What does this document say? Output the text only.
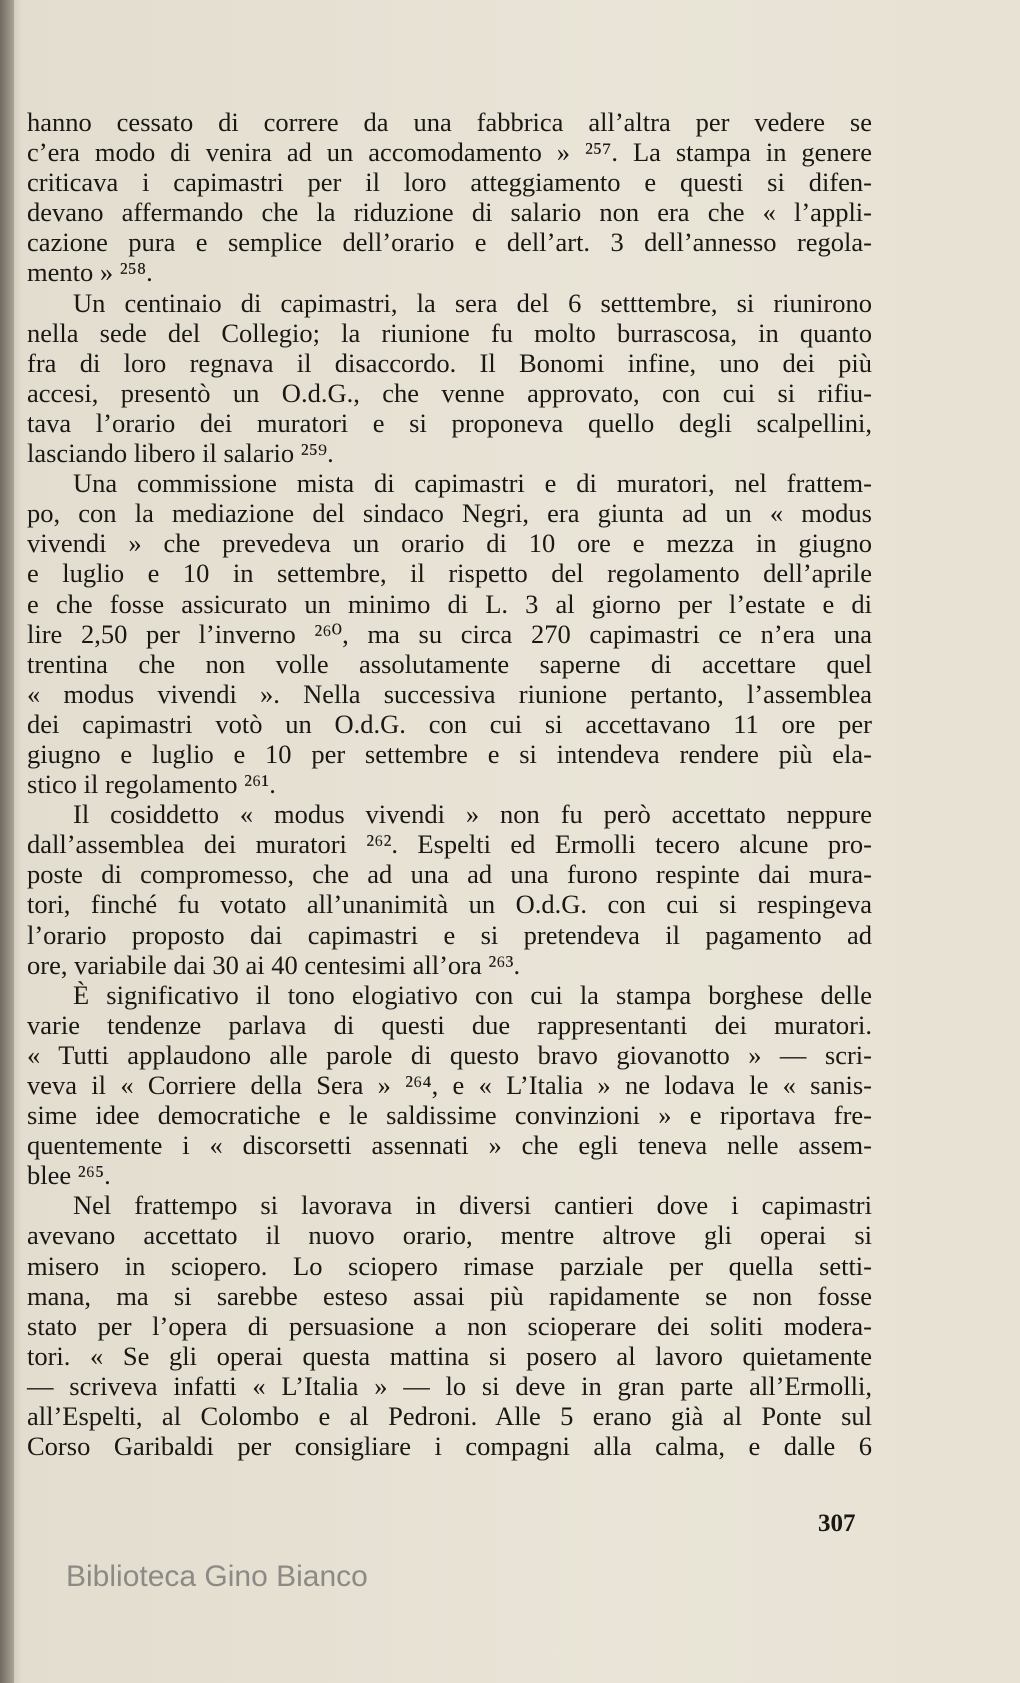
hanno cessato di correre da una fabbrica all’altra per vedere se
c’era modo di venira ad un accomodamento » ²⁵⁷. La stampa in genere
criticava i capimastri per il loro atteggiamento e questi si difen-
devano affermando che la riduzione di salario non era che « l’appli-
cazione pura e semplice dell’orario e dell’art. 3 dell’annesso regola-
mento » ²⁵⁸.
Un centinaio di capimastri, la sera del 6 setttembre, si riunirono
nella sede del Collegio; la riunione fu molto burrascosa, in quanto
fra di loro regnava il disaccordo. Il Bonomi infine, uno dei più
accesi, presentò un O.d.G., che venne approvato, con cui si rifiu-
tava l’orario dei muratori e si proponeva quello degli scalpellini,
lasciando libero il salario ²⁵⁹.
Una commissione mista di capimastri e di muratori, nel frattem-
po, con la mediazione del sindaco Negri, era giunta ad un « modus
vivendi » che prevedeva un orario di 10 ore e mezza in giugno
e luglio e 10 in settembre, il rispetto del regolamento dell’aprile
e che fosse assicurato un minimo di L. 3 al giorno per l’estate e di
lire 2,50 per l’inverno ²⁶⁰, ma su circa 270 capimastri ce n’era una
trentina che non volle assolutamente saperne di accettare quel
« modus vivendi ». Nella successiva riunione pertanto, l’assemblea
dei capimastri votò un O.d.G. con cui si accettavano 11 ore per
giugno e luglio e 10 per settembre e si intendeva rendere più ela-
stico il regolamento ²⁶¹.
Il cosiddetto « modus vivendi » non fu però accettato neppure
dall’assemblea dei muratori ²⁶². Espelti ed Ermolli tecero alcune pro-
poste di compromesso, che ad una ad una furono respinte dai mura-
tori, finché fu votato all’unanimità un O.d.G. con cui si respingeva
l’orario proposto dai capimastri e si pretendeva il pagamento ad
ore, variabile dai 30 ai 40 centesimi all’ora ²⁶³.
È significativo il tono elogiativo con cui la stampa borghese delle
varie tendenze parlava di questi due rappresentanti dei muratori.
« Tutti applaudono alle parole di questo bravo giovanotto » — scri-
veva il « Corriere della Sera » ²⁶⁴, e « L’Italia » ne lodava le « sanis-
sime idee democratiche e le saldissime convinzioni » e riportava fre-
quentemente i « discorsetti assennati » che egli teneva nelle assem-
blee ²⁶⁵.
Nel frattempo si lavorava in diversi cantieri dove i capimastri
avevano accettato il nuovo orario, mentre altrove gli operai si
misero in sciopero. Lo sciopero rimase parziale per quella setti-
mana, ma si sarebbe esteso assai più rapidamente se non fosse
stato per l’opera di persuasione a non scioperare dei soliti modera-
tori. « Se gli operai questa mattina si posero al lavoro quietamente
— scriveva infatti « L’Italia » — lo si deve in gran parte all’Ermolli,
all’Espelti, al Colombo e al Pedroni. Alle 5 erano già al Ponte sul
Corso Garibaldi per consigliare i compagni alla calma, e dalle 6
307
Biblioteca Gino Bianco
